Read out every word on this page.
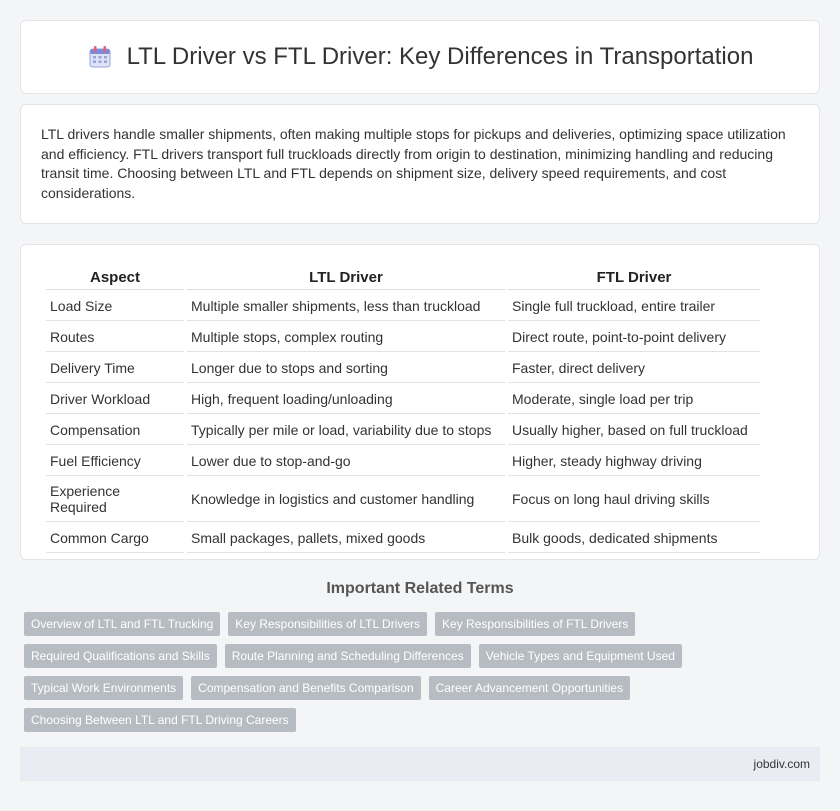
LTL Driver vs FTL Driver: Key Differences in Transportation

LTL drivers handle smaller shipments, often making multiple stops for pickups and deliveries, optimizing space utilization and efficiency. FTL drivers transport full truckloads directly from origin to destination, minimizing handling and reducing transit time. Choosing between LTL and FTL depends on shipment size, delivery speed requirements, and cost considerations.

Aspect	LTL Driver	FTL Driver
Load Size	Multiple smaller shipments, less than truckload	Single full truckload, entire trailer
Routes	Multiple stops, complex routing	Direct route, point-to-point delivery
Delivery Time	Longer due to stops and sorting	Faster, direct delivery
Driver Workload	High, frequent loading/unloading	Moderate, single load per trip
Compensation	Typically per mile or load, variability due to stops	Usually higher, based on full truckload
Fuel Efficiency	Lower due to stop-and-go	Higher, steady highway driving
Experience Required	Knowledge in logistics and customer handling	Focus on long haul driving skills
Common Cargo	Small packages, pallets, mixed goods	Bulk goods, dedicated shipments
Important Related Terms
Overview of LTL and FTL Trucking	Key Responsibilities of LTL Drivers	Key Responsibilities of FTL Drivers
Required Qualifications and Skills	Route Planning and Scheduling Differences	Vehicle Types and Equipment Used
Typical Work Environments	Compensation and Benefits Comparison	Career Advancement Opportunities
Choosing Between LTL and FTL Driving Careers
jobdiv.com
